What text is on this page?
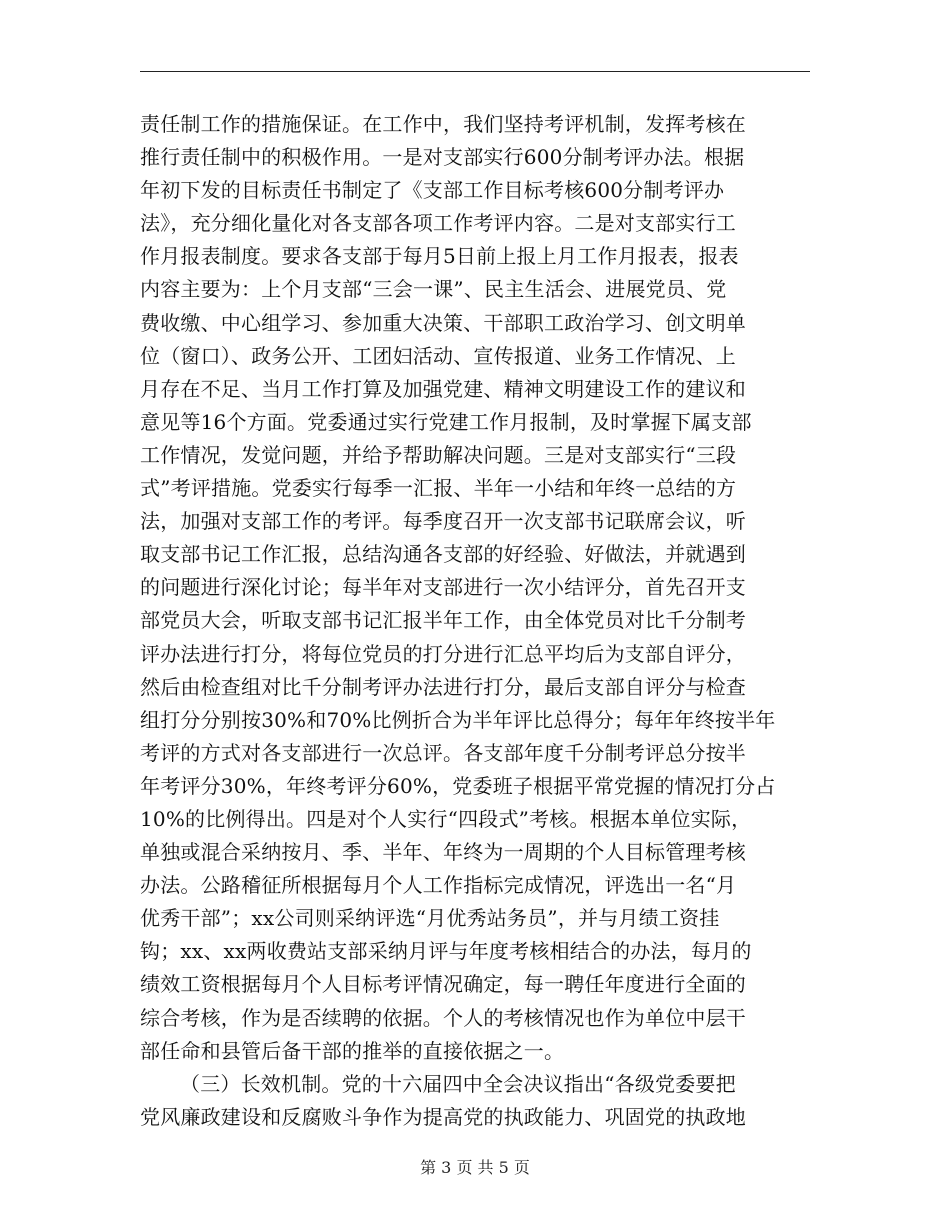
责任制工作的措施保证。在工作中，我们坚持考评机制，发挥考核在
推行责任制中的积极作用。一是对支部实行600分制考评办法。根据
年初下发的目标责任书制定了《支部工作目标考核600分制考评办
法》，充分细化量化对各支部各项工作考评内容。二是对支部实行工
作月报表制度。要求各支部于每月5日前上报上月工作月报表，报表
内容主要为：上个月支部“三会一课”、民主生活会、进展党员、党
费收缴、中心组学习、参加重大决策、干部职工政治学习、创文明单
位（窗口）、政务公开、工团妇活动、宣传报道、业务工作情况、上
月存在不足、当月工作打算及加强党建、精神文明建设工作的建议和
意见等16个方面。党委通过实行党建工作月报制，及时掌握下属支部
工作情况，发觉问题，并给予帮助解决问题。三是对支部实行“三段
式”考评措施。党委实行每季一汇报、半年一小结和年终一总结的方
法，加强对支部工作的考评。每季度召开一次支部书记联席会议，听
取支部书记工作汇报，总结沟通各支部的好经验、好做法，并就遇到
的问题进行深化讨论；每半年对支部进行一次小结评分，首先召开支
部党员大会，听取支部书记汇报半年工作，由全体党员对比千分制考
评办法进行打分，将每位党员的打分进行汇总平均后为支部自评分，
然后由检查组对比千分制考评办法进行打分，最后支部自评分与检查
组打分分别按30%和70%比例折合为半年评比总得分；每年年终按半年
考评的方式对各支部进行一次总评。各支部年度千分制考评总分按半
年考评分30%，年终考评分60%，党委班子根据平常党握的情况打分占
10%的比例得出。四是对个人实行“四段式”考核。根据本单位实际，
单独或混合采纳按月、季、半年、年终为一周期的个人目标管理考核
办法。公路稽征所根据每月个人工作指标完成情况，评选出一名“月
优秀干部”；xx公司则采纳评选“月优秀站务员”，并与月绩工资挂
钩；xx、xx两收费站支部采纳月评与年度考核相结合的办法，每月的
绩效工资根据每月个人目标考评情况确定，每一聘任年度进行全面的
综合考核，作为是否续聘的依据。个人的考核情况也作为单位中层干
部任命和县管后备干部的推举的直接依据之一。
（三）长效机制。党的十六届四中全会决议指出“各级党委要把
党风廉政建设和反腐败斗争作为提高党的执政能力、巩固党的执政地
第 3 页 共 5 页
